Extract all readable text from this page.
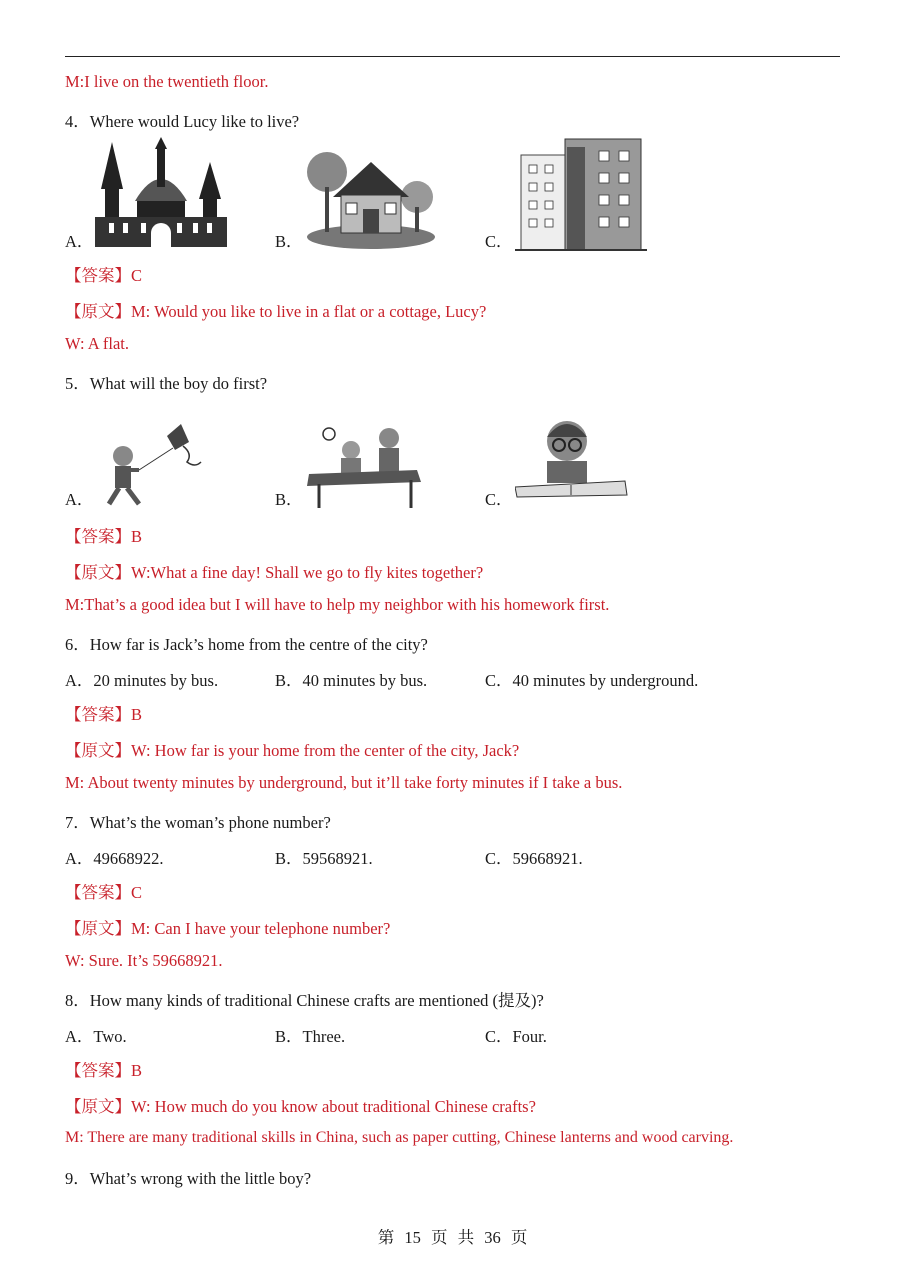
M:I live on the twentieth floor.
4．Where would Lucy like to live?
A．	B．	C．
【答案】C
【原文】M: Would you like to live in a flat or a cottage, Lucy?
W: A flat.
5．What will the boy do first?
A．	B．	C．
【答案】B
【原文】W:What a fine day! Shall we go to fly kites together?
M:That’s a good idea but I will have to help my neighbor with his homework first.
6．How far is Jack’s home from the centre of the city?
A．20 minutes by bus.	B．40 minutes by bus.	C．40 minutes by underground.
【答案】B
【原文】W: How far is your home from the center of the city, Jack?
M: About twenty minutes by underground, but it’ll take forty minutes if I take a bus.
7．What’s the woman’s phone number?
A．49668922.	B．59568921.	C．59668921.
【答案】C
【原文】M: Can I have your telephone number?
W: Sure. It’s 59668921.
8．How many kinds of traditional Chinese crafts are mentioned (提及)?
A．Two.	B．Three.	C．Four.
【答案】B
【原文】W: How much do you know about traditional Chinese crafts?
M: There are many traditional skills in China, such as paper cutting, Chinese lanterns and wood carving.
9．What’s wrong with the little boy?
第 15 页 共 36 页
